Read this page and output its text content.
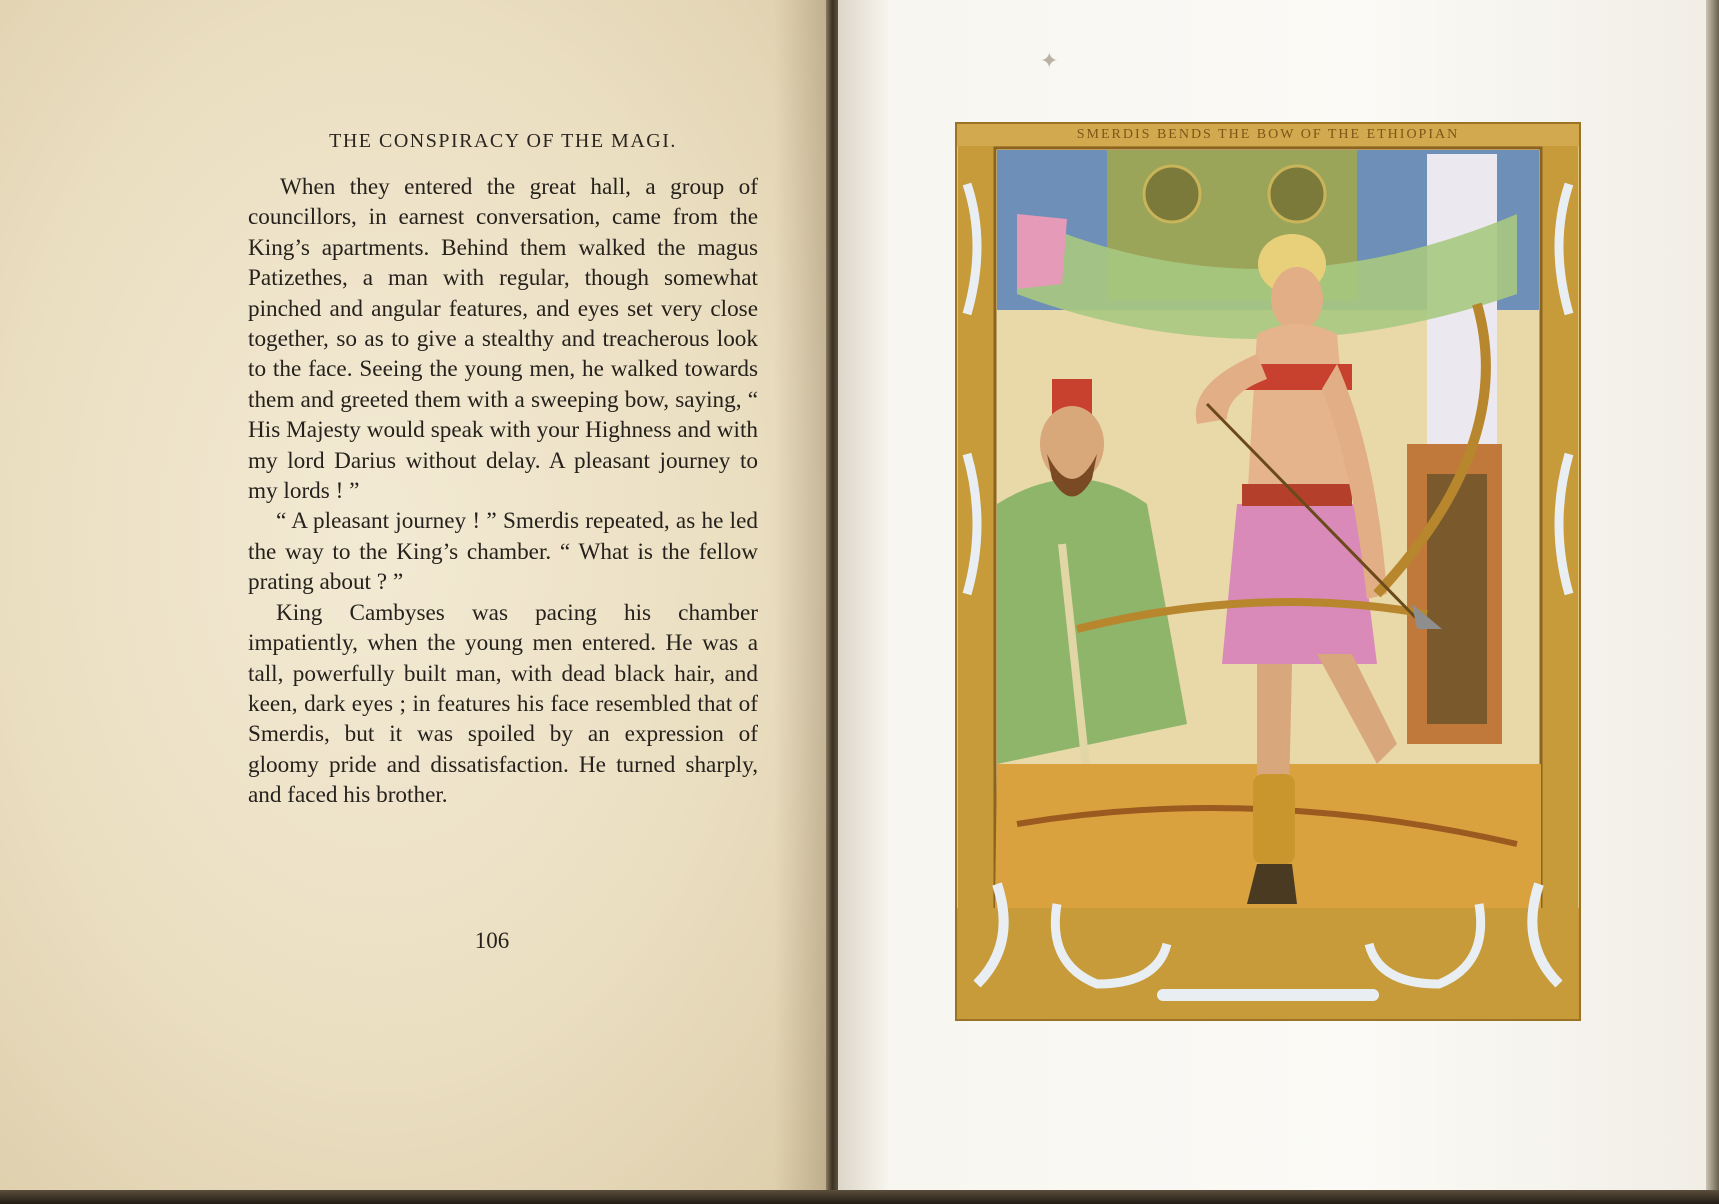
THE CONSPIRACY OF THE MAGI.

When they entered the great hall, a group of councillors, in earnest conversation, came from the King’s apartments. Behind them walked the magus Patizethes, a man with regular, though somewhat pinched and angular features, and eyes set very close together, so as to give a stealthy and treacherous look to the face. Seeing the young men, he walked towards them and greeted them with a sweeping bow, saying, “ His Majesty would speak with your Highness and with my lord Darius without delay. A pleasant journey to my lords ! ”

“ A pleasant journey ! ” Smerdis repeated, as he led the way to the King’s chamber. “ What is the fellow prating about ? ”

King Cambyses was pacing his chamber impatiently, when the young men entered. He was a tall, powerfully built man, with dead black hair, and keen, dark eyes ; in features his face resembled that of Smerdis, but it was spoiled by an expression of gloomy pride and dissatisfaction. He turned sharply, and faced his brother.

106
✦
SMERDIS BENDS THE BOW OF THE ETHIOPIAN
